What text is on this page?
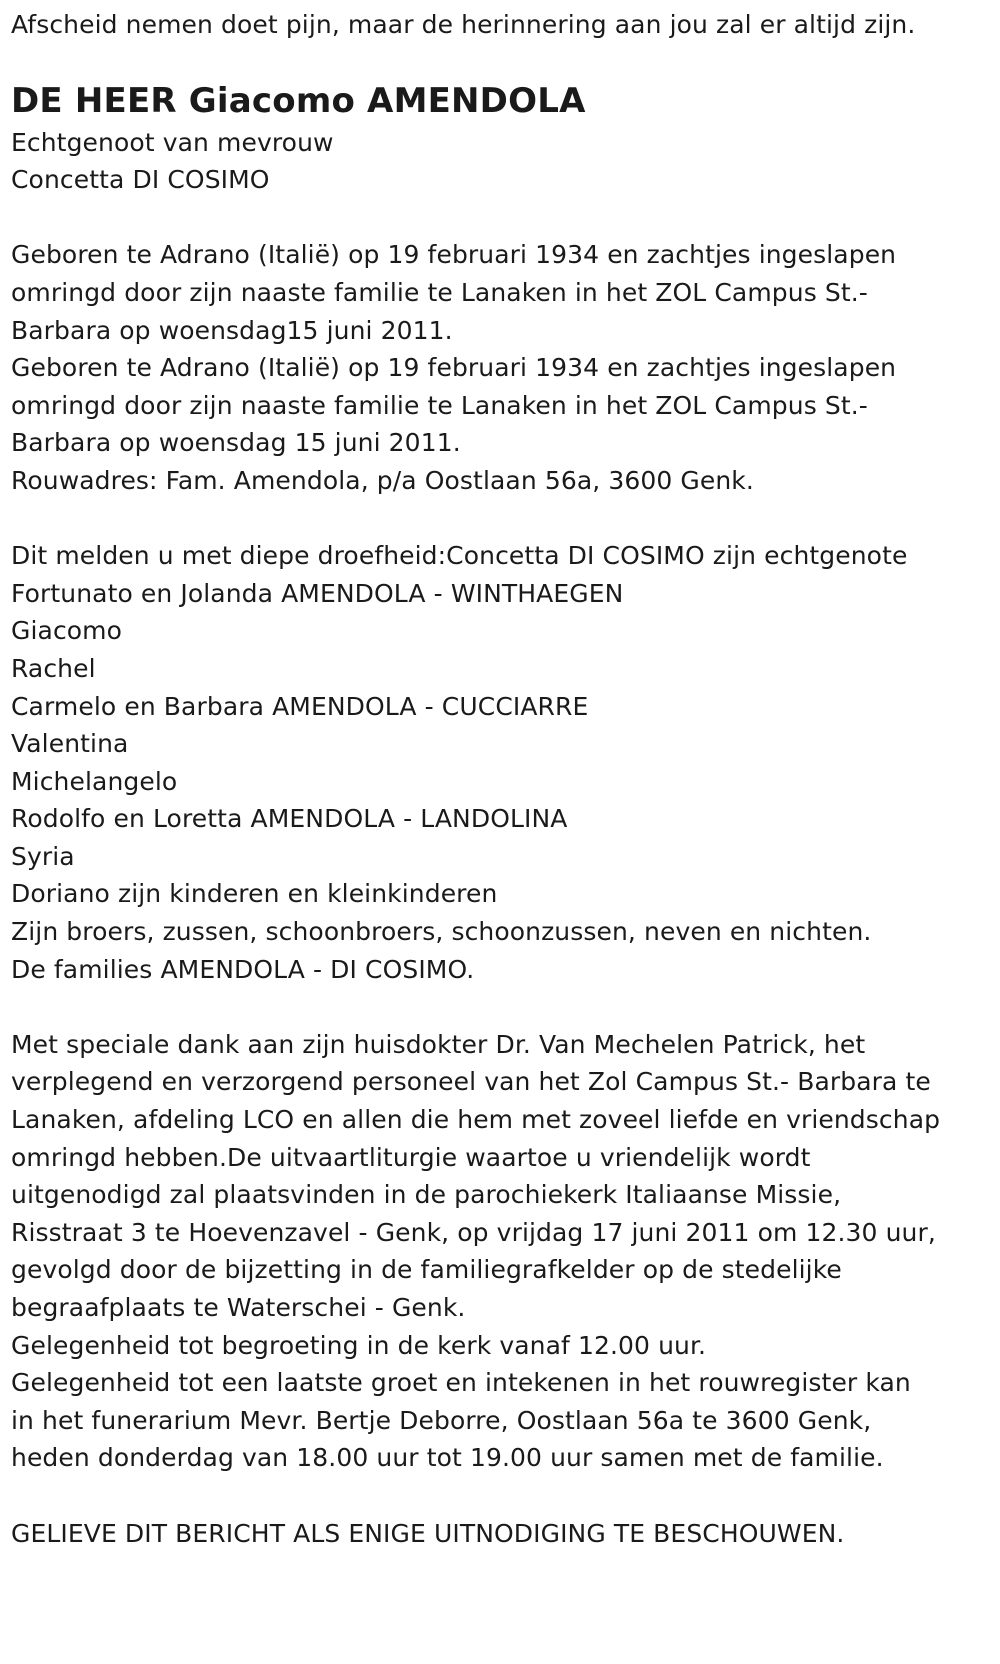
Afscheid nemen doet pijn, maar de herinnering aan jou zal er altijd zijn.
DE HEER Giacomo AMENDOLA
Echtgenoot van mevrouw
Concetta DI COSIMO
Geboren te Adrano (Italië) op 19 februari 1934 en zachtjes ingeslapen
omringd door zijn naaste familie te Lanaken in het ZOL Campus St.-
Barbara op woensdag15 juni 2011.
Geboren te Adrano (Italië) op 19 februari 1934 en zachtjes ingeslapen
omringd door zijn naaste familie te Lanaken in het ZOL Campus St.-
Barbara op woensdag 15 juni 2011.
Rouwadres: Fam. Amendola, p/a Oostlaan 56a, 3600 Genk.
Dit melden u met diepe droefheid:Concetta DI COSIMO zijn echtgenote
Fortunato en Jolanda AMENDOLA - WINTHAEGEN
Giacomo
Rachel
Carmelo en Barbara AMENDOLA - CUCCIARRE
Valentina
Michelangelo
Rodolfo en Loretta AMENDOLA - LANDOLINA
Syria
Doriano zijn kinderen en kleinkinderen
Zijn broers, zussen, schoonbroers, schoonzussen, neven en nichten.
De families AMENDOLA - DI COSIMO.
Met speciale dank aan zijn huisdokter Dr. Van Mechelen Patrick, het
verplegend en verzorgend personeel van het Zol Campus St.- Barbara te
Lanaken, afdeling LCO en allen die hem met zoveel liefde en vriendschap
omringd hebben.De uitvaartliturgie waartoe u vriendelijk wordt
uitgenodigd zal plaatsvinden in de parochiekerk Italiaanse Missie,
Risstraat 3 te Hoevenzavel - Genk, op vrijdag 17 juni 2011 om 12.30 uur,
gevolgd door de bijzetting in de familiegrafkelder op de stedelijke
begraafplaats te Waterschei - Genk.
Gelegenheid tot begroeting in de kerk vanaf 12.00 uur.
Gelegenheid tot een laatste groet en intekenen in het rouwregister kan
in het funerarium Mevr. Bertje Deborre, Oostlaan 56a te 3600 Genk,
heden donderdag van 18.00 uur tot 19.00 uur samen met de familie.
GELIEVE DIT BERICHT ALS ENIGE UITNODIGING TE BESCHOUWEN.
